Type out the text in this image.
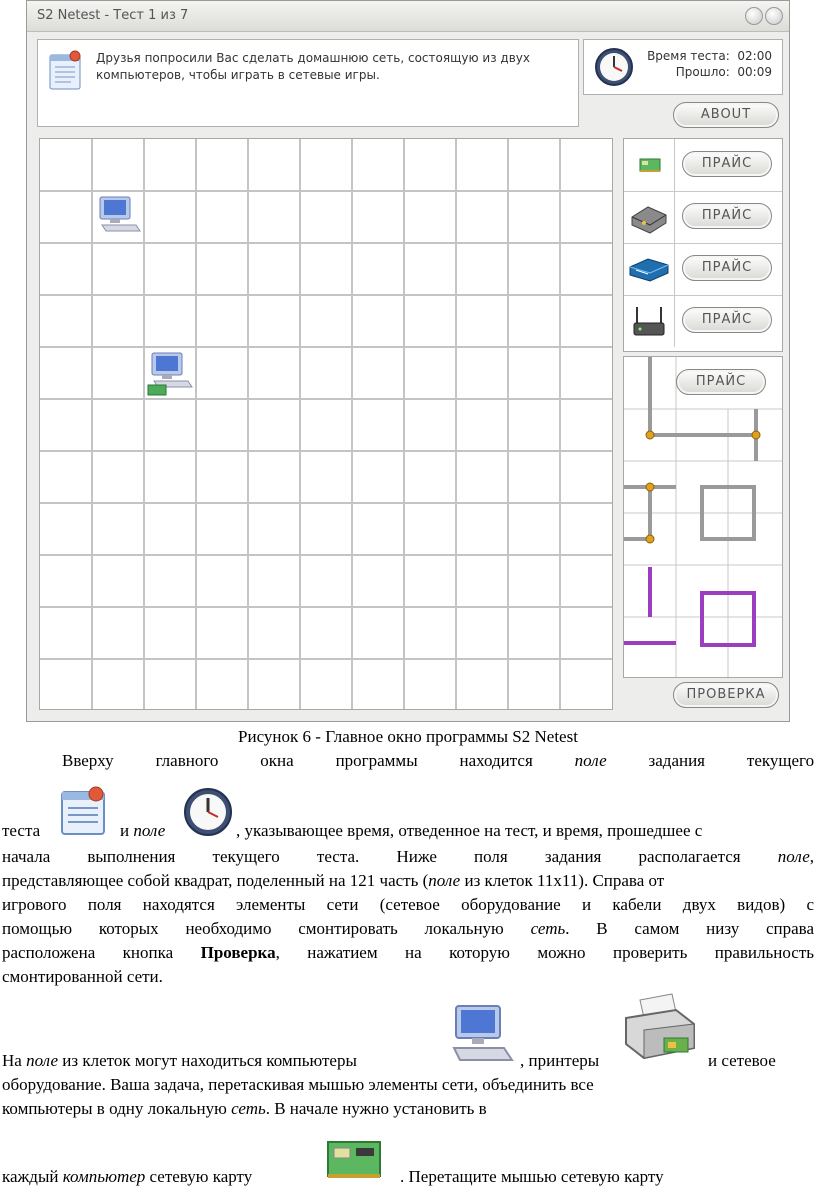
S2 Netest - Тест 1 из 7
Друзья попросили Вас сделать домашнюю сеть, состоящую из двух компьютеров, чтобы играть в сетевые игры.
Время теста: 02:00
Прошло: 00:09
ABOUT
ПРАЙС
ПРАЙС
ПРАЙС
ПРАЙС
ПРАЙС
ПРОВЕРКА
Рисунок 6 - Главное окно программы S2 Netest
Вверху главного окна программы находится поле задания текущего
теста	и поле	, указывающее время, отведенное на тест, и время, прошедшее с
начала выполнения текущего теста. Ниже поля задания располагается поле,
представляющее собой квадрат, поделенный на 121 часть (поле из клеток 11х11). Справа от
игрового поля находятся элементы сети (сетевое оборудование и кабели двух видов) с
помощью которых необходимо смонтировать локальную сеть. В самом низу справа
расположена кнопка Проверка, нажатием на которую можно проверить правильность
смонтированной сети.
На поле из клеток могут находиться компьютеры	, принтеры	и сетевое
оборудование. Ваша задача, перетаскивая мышью элементы сети, объединить все
компьютеры в одну локальную сеть. В начале нужно установить в
каждый компьютер сетевую карту	. Перетащите мышью сетевую карту
